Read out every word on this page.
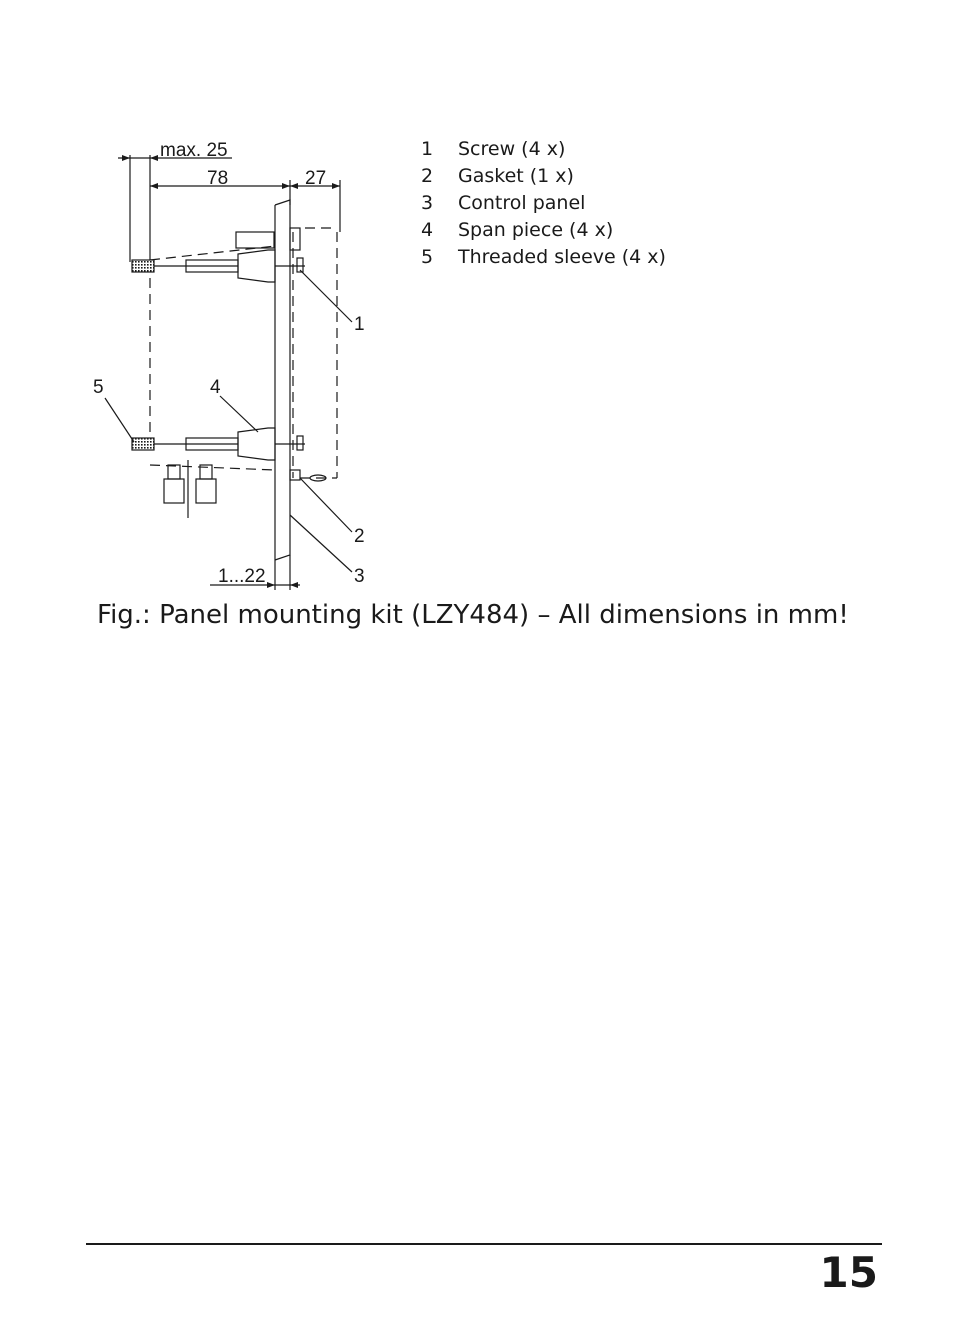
max. 25
78	27
1...22
1
2
3
4
5
1	Screw (4 x)
2	Gasket (1 x)
3	Control panel
4	Span piece (4 x)
5	Threaded sleeve (4 x)
Fig.: Panel mounting kit (LZY484) – All dimensions in mm!
15
